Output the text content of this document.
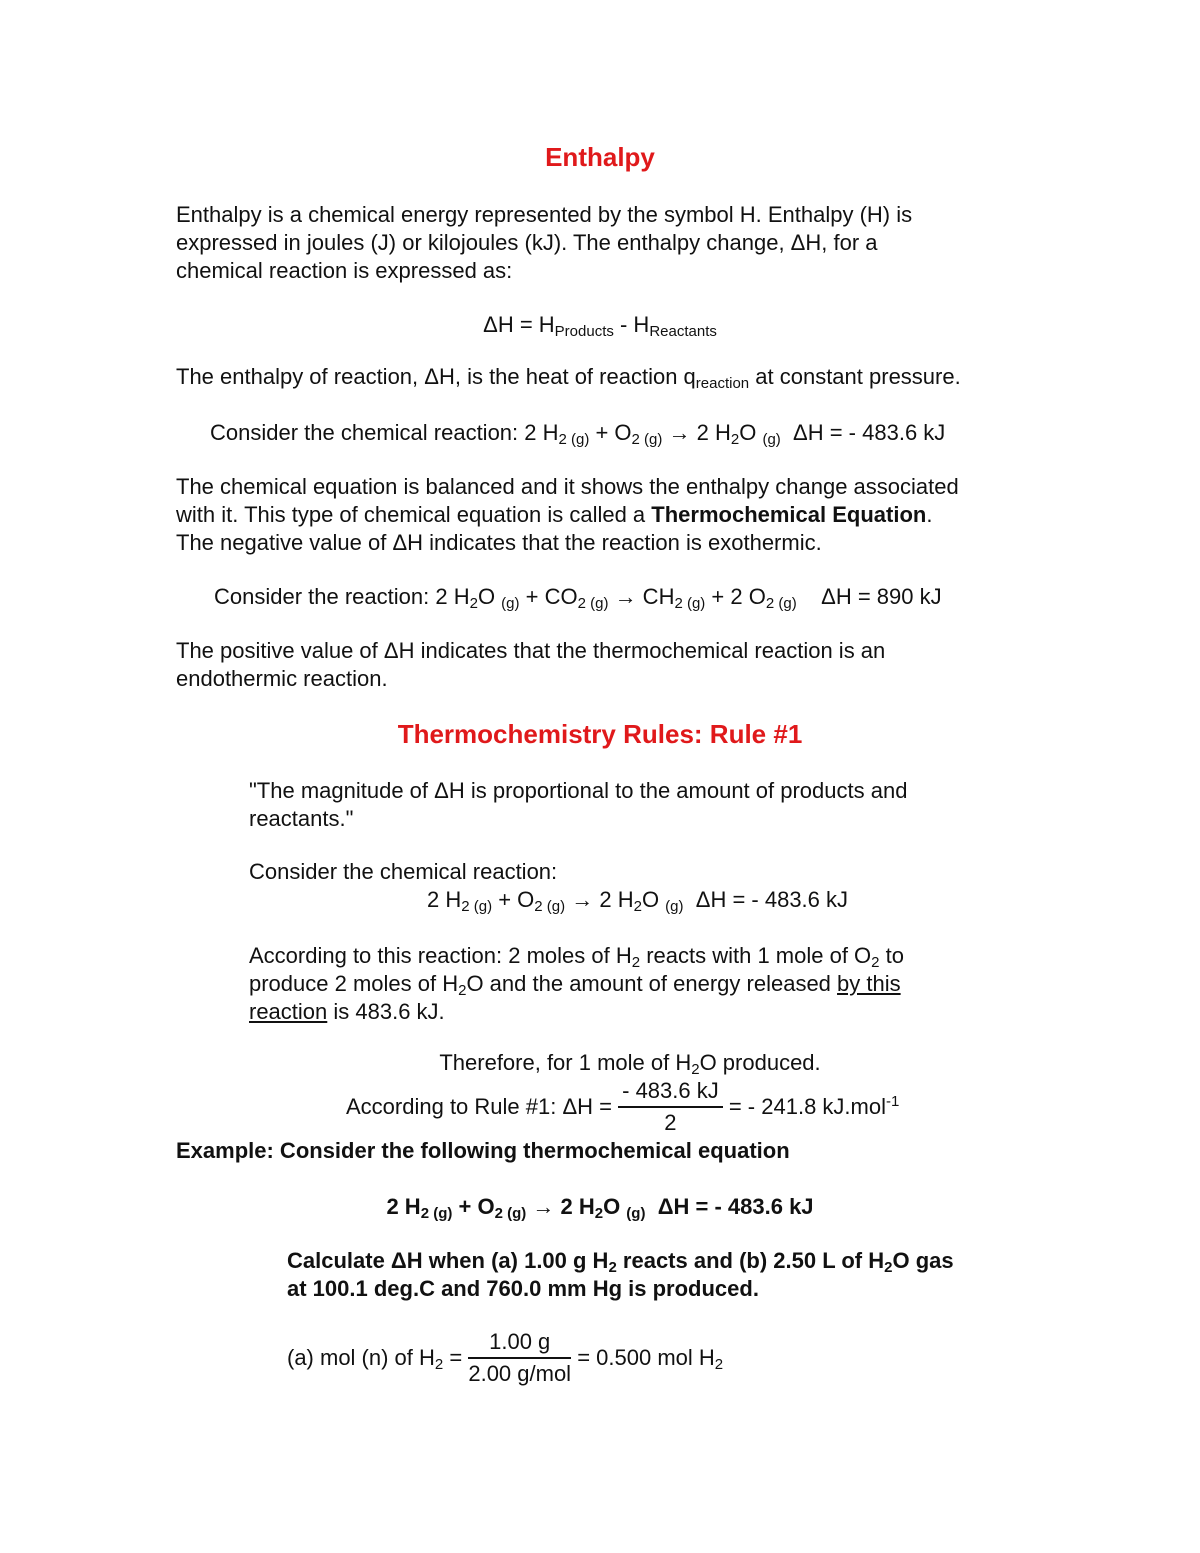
Enthalpy
Enthalpy is a chemical energy represented by the symbol H. Enthalpy (H) is
expressed in joules (J) or kilojoules (kJ). The enthalpy change, ΔH, for a
chemical reaction is expressed as:
$\Delta H = H_{Products} - H_{Reactants}$
The enthalpy of reaction, ΔH, is the heat of reaction $q_{reaction}$ at constant pressure.
Consider the chemical reaction: 2 $H_{2 (g)} + O_{2 (g)} \to 2$ $H_2O$ $_{(g)}$ ΔH = - 483.6 kJ
The chemical equation is balanced and it shows the enthalpy change associated
with it. This type of chemical equation is called a Thermochemical Equation.
The negative value of ΔH indicates that the reaction is exothermic.
Consider the reaction: 2 $H_2O$ $_{(g)} + CO_{2 (g)} \to CH_{2 (g)} + 2$ $O_{2 (g)}$ ΔH = 890 kJ
The positive value of ΔH indicates that the thermochemical reaction is an
endothermic reaction.
Thermochemistry Rules: Rule #1
"The magnitude of ΔH is proportional to the amount of products and
reactants."
Consider the chemical reaction:
2 $H_{2 (g)} + O_{2 (g)} \to 2$ $H_2O$ $_{(g)}$ ΔH = - 483.6 kJ
According to this reaction: 2 moles of $H_2$ reacts with 1 mole of $O_2$ to
produce 2 moles of $H_2O$ and the amount of energy released by this
reaction is 483.6 kJ.
Therefore, for 1 mole of $H_2O$ produced.
According to Rule #1: $\Delta H = \frac{- 483.6 kJ}{2}$ = - 241.8 kJ.mol$^{-1}$
Example: Consider the following thermochemical equation
2 $H_{2 (g)} + O_{2 (g)} \to 2$ $H_2O$ $_{(g)}$ ΔH = - 483.6 kJ
Calculate ΔH when (a) 1.00 g $H_2$ reacts and (b) 2.50 L of $H_2O$ gas
at 100.1 deg.C and 760.0 mm Hg is produced.
(a) mol (n) of $H_2 = \frac{1.00 g}{\text{2.00 g/mol}} = 0.500$ mol $H_2$
